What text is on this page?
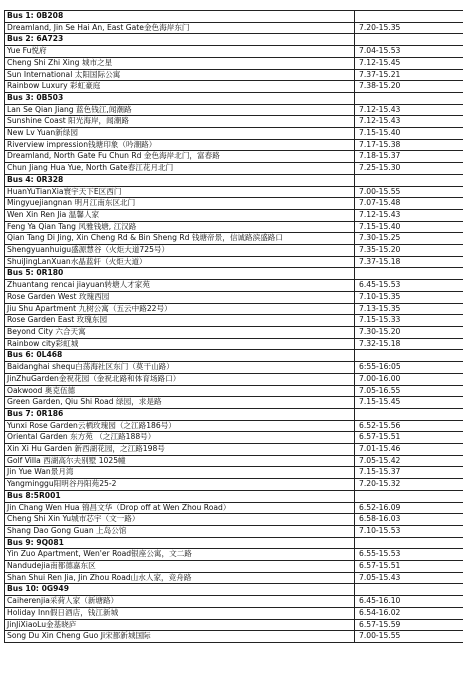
Bus 1: 0B208	
Dreamland, Jin Se Hai An, East Gate金色海岸东门	7.20-15.35
Bus 2: 6A723	
Yue Fu悦府	7.04-15.53
Cheng Shi Zhi Xing 城市之星	7.12-15.45
Sun International 太阳国际公寓	7.37-15.21
Rainbow Luxury 彩虹豪庭	7.38-15.20
Bus 3: 0B503	
Lan Se Qian Jiang 蓝色钱江,闻潮路	7.12-15.43
Sunshine Coast 阳光海岸，闻潮路	7.12-15.43
New Lv Yuan新绿园	7.15-15.40
Riverview impression钱塘印象（吟潮路）	7.17-15.38
Dreamland, North Gate Fu Chun Rd 金色海岸北门，富春路	7.18-15.37
Chun Jiang Hua Yue, North Gate春江花月北门	7.25-15.30
Bus 4: 0R328	
HuanYuTianXia寰宇天下E区西门	7.00-15.55
Mingyuejiangnan 明月江南东区北门	7.07-15.48
Wen Xin Ren Jia 温馨人家	7.12-15.43
Feng Ya Qian Tang 风雅钱塘, 江汉路	7.15-15.40
Qian Tang Di Jing, Xin Cheng Rd & Bin Sheng Rd 钱塘帝景，信诚路滨盛路口	7.30-15.25
Shengyuanhuigu盛源慧谷（火炬大道725号）	7.35-15.20
ShuiJingLanXuan水晶蓝轩（火炬大道）	7.37-15.18
Bus 5: 0R180	
Zhuantang rencai jiayuan转塘人才家苑	6.45-15.53
Rose Garden West 玫瑰西园	7.10-15.35
Jiu Shu Apartment 九树公寓（五云中路22号）	7.13-15.35
Rose Garden East 玫瑰东园	7.15-15.33
Beyond City 六合天寓	7.30-15.20
Rainbow city彩虹城	7.32-15.18
Bus 6: 0L468	
Baidanghai shequ白荡海社区东门（莫干山路）	6:55-16:05
JinZhuGarden金祝花园（金祝北路和体育场路口）	7.00-16.00
Oakwood 奥克伍德	7.05-16.55
Green Garden, Qiu Shi Road 绿园，求是路	7.15-15.45
Bus 7: 0R186	
Yunxi Rose Garden云栖玫瑰园（之江路186号）	6.52-15.56
Oriental Garden 东方苑 （之江路188号）	6.57-15.51
Xin Xi Hu Garden 新西湖花园，之江路198号	7.01-15.46
Golf Villa 西湖高尔夫别墅 1025幢	7.05-15.42
Jin Yue Wan景月湾	7.15-15.37
Yangminggu阳明谷丹阳苑25-2	7.20-15.32
Bus 8:5R001	
Jin Chang Wen Hua 锦昌文华（Drop off at Wen Zhou Road）	6.52-16.09
Cheng Shi Xin Yu城市芯宇（文一路）	6.58-16.03
Shang Dao Gong Guan 上岛公馆	7.10-15.53
Bus 9: 9Q081	
Yin Zuo Apartment, Wen'er Road银座公寓，文二路	6.55-15.53
Nandudejia南都德嘉东区	6.57-15.51
Shan Shui Ren Jia, Jin Zhou Road山水人家，竞舟路	7.05-15.43
Bus 10: 0G949	
Caiherenjia采荷人家（新塘路）	6.45-16.10
Holiday Inn假日酒店，钱江新城	6.54-16.02
JinJiXiaoLu金基晓庐	6.57-15.59
Song Du Xin Cheng Guo Ji宋都新城国际	7.00-15.55
